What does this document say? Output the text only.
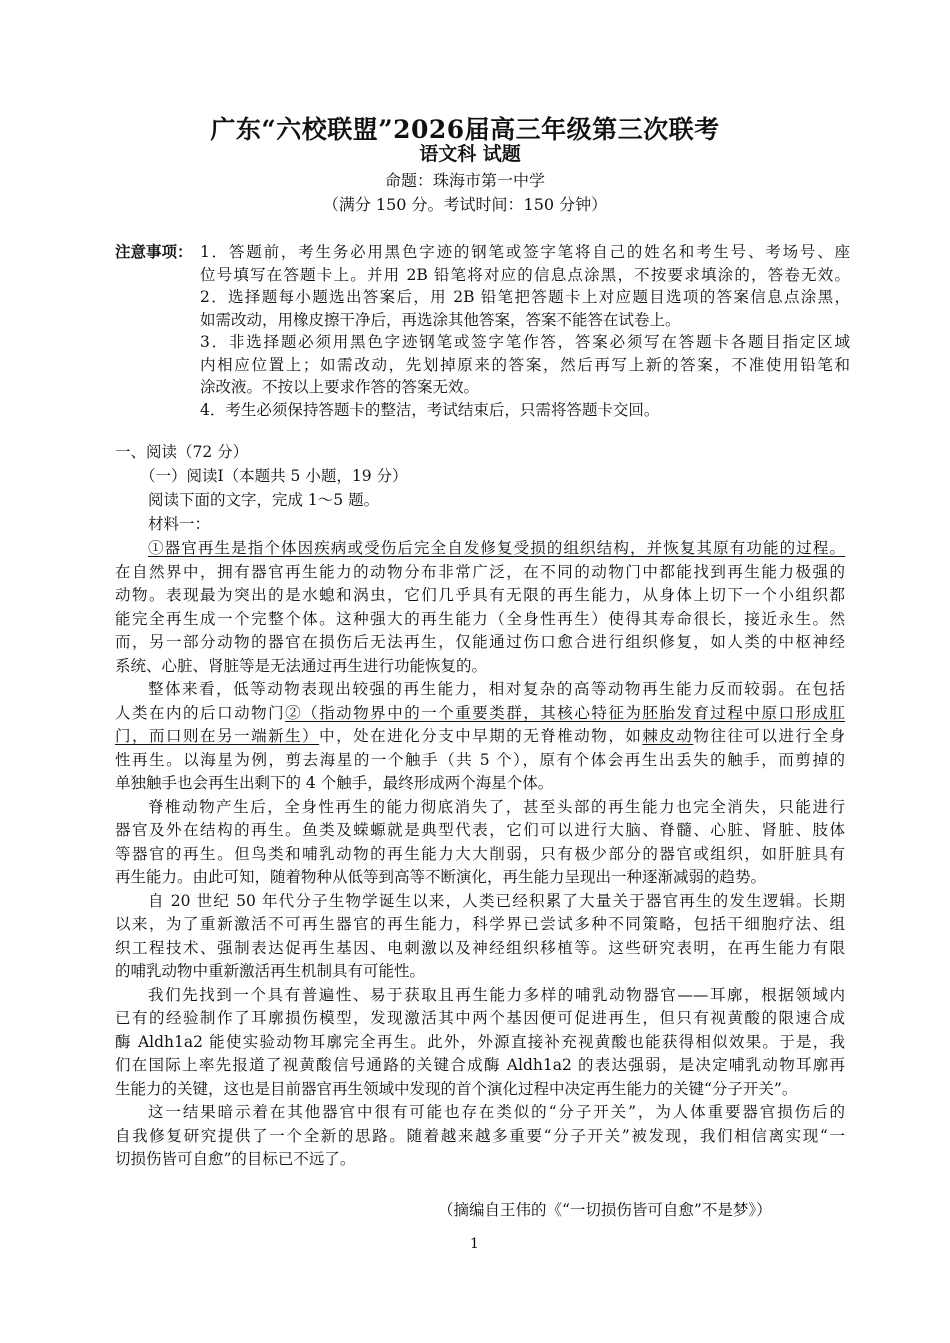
广东“六校联盟”2026届高三年级第三次联考
语文科 试题
命题：珠海市第一中学
（满分 150 分。考试时间：150 分钟）
注意事项： 1．答题前，考生务必用黑色字迹的钢笔或签字笔将自己的姓名和考生号、考场号、座
位号填写在答题卡上。并用 2B 铅笔将对应的信息点涂黑，不按要求填涂的，答卷无效。
2．选择题每小题选出答案后，用 2B 铅笔把答题卡上对应题目选项的答案信息点涂黑，
如需改动，用橡皮擦干净后，再选涂其他答案，答案不能答在试卷上。
3．非选择题必须用黑色字迹钢笔或签字笔作答，答案必须写在答题卡各题目指定区域
内相应位置上；如需改动，先划掉原来的答案，然后再写上新的答案，不准使用铅笔和
涂改液。不按以上要求作答的答案无效。
4．考生必须保持答题卡的整洁，考试结束后，只需将答题卡交回。
一、阅读（72 分）
（一）阅读Ⅰ（本题共 5 小题，19 分）
阅读下面的文字，完成 1～5 题。
材料一：
①器官再生是指个体因疾病或受伤后完全自发修复受损的组织结构，并恢复其原有功能的过程。
在自然界中，拥有器官再生能力的动物分布非常广泛，在不同的动物门中都能找到再生能力极强的
动物。表现最为突出的是水螅和涡虫，它们几乎具有无限的再生能力，从身体上切下一个小组织都
能完全再生成一个完整个体。这种强大的再生能力（全身性再生）使得其寿命很长，接近永生。然
而，另一部分动物的器官在损伤后无法再生，仅能通过伤口愈合进行组织修复，如人类的中枢神经
系统、心脏、肾脏等是无法通过再生进行功能恢复的。
整体来看，低等动物表现出较强的再生能力，相对复杂的高等动物再生能力反而较弱。在包括
人类在内的后口动物门②（指动物界中的一个重要类群，其核心特征为胚胎发育过程中原口形成肛
门，而口则在另一端新生）中，处在进化分支中早期的无脊椎动物，如棘皮动物往往可以进行全身
性再生。以海星为例，剪去海星的一个触手（共 5 个），原有个体会再生出丢失的触手，而剪掉的
单独触手也会再生出剩下的 4 个触手，最终形成两个海星个体。
脊椎动物产生后，全身性再生的能力彻底消失了，甚至头部的再生能力也完全消失，只能进行
器官及外在结构的再生。鱼类及蝾螈就是典型代表，它们可以进行大脑、脊髓、心脏、肾脏、肢体
等器官的再生。但鸟类和哺乳动物的再生能力大大削弱，只有极少部分的器官或组织，如肝脏具有
再生能力。由此可知，随着物种从低等到高等不断演化，再生能力呈现出一种逐渐减弱的趋势。
自 20 世纪 50 年代分子生物学诞生以来，人类已经积累了大量关于器官再生的发生逻辑。长期
以来，为了重新激活不可再生器官的再生能力，科学界已尝试多种不同策略，包括干细胞疗法、组
织工程技术、强制表达促再生基因、电刺激以及神经组织移植等。这些研究表明，在再生能力有限
的哺乳动物中重新激活再生机制具有可能性。
我们先找到一个具有普遍性、易于获取且再生能力多样的哺乳动物器官——耳廓，根据领域内
已有的经验制作了耳廓损伤模型，发现激活其中两个基因便可促进再生，但只有视黄酸的限速合成
酶 Aldh1a2 能使实验动物耳廓完全再生。此外，外源直接补充视黄酸也能获得相似效果。于是，我
们在国际上率先报道了视黄酸信号通路的关键合成酶 Aldh1a2 的表达强弱，是决定哺乳动物耳廓再
生能力的关键，这也是目前器官再生领域中发现的首个演化过程中决定再生能力的关键“分子开关”。
这一结果暗示着在其他器官中很有可能也存在类似的“分子开关”，为人体重要器官损伤后的
自我修复研究提供了一个全新的思路。随着越来越多重要“分子开关”被发现，我们相信离实现“一
切损伤皆可自愈”的目标已不远了。
（摘编自王伟的《“一切损伤皆可自愈”不是梦》）
1
